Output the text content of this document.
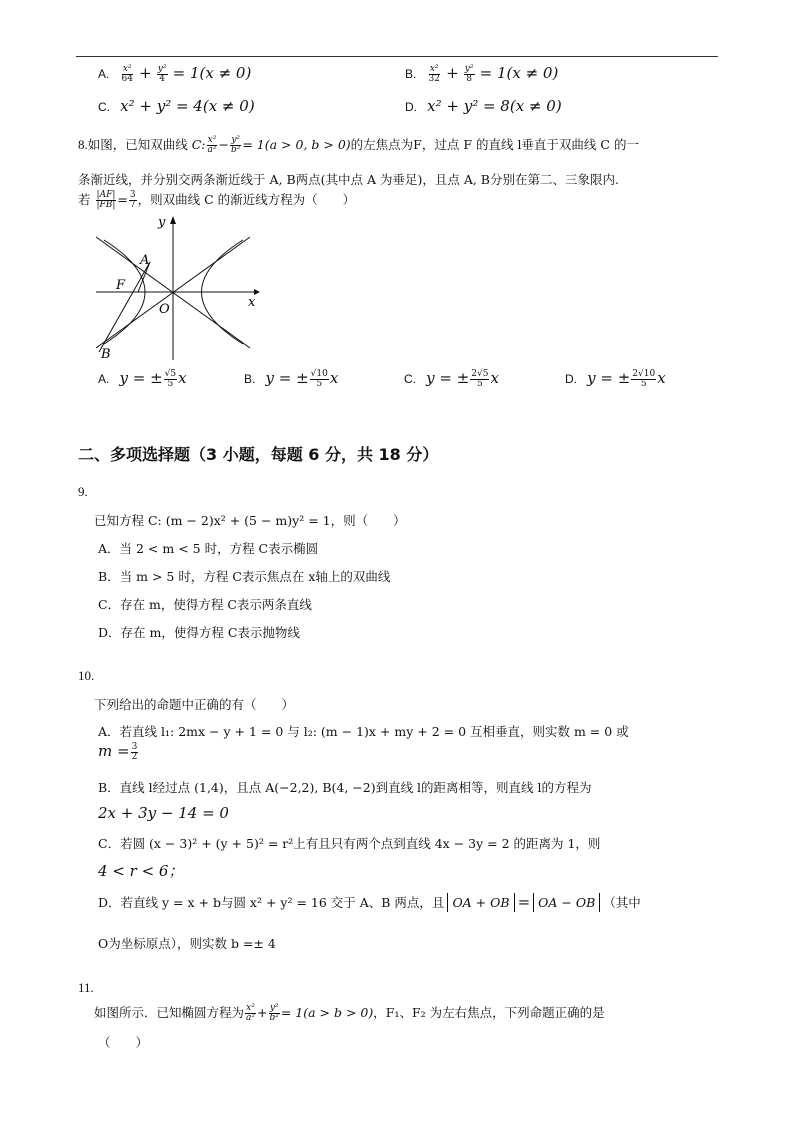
A. $\frac{\text{x²}}{64} + \frac{\text{y²}}{4} = 1(x \ne 0)$	B. $\frac{\text{x²}}{32} + \frac{\text{y²}}{8} = 1(x \ne 0)$
C. x² + y² = 4(x ≠ 0)	D. x² + y² = 8(x ≠ 0)
8.如图，已知双曲线 C: $\frac{\text{x²}}{\text{a²}} - \frac{\text{y²}}{\text{b²}} = 1(a > 0$, b > 0)的左焦点为F，过点 F 的直线 l垂直于双曲线 C 的一
条渐近线，并分别交两条渐近线于 A, B两点(其中点 A 为垂足)，且点 A, B分别在第二、三象限内.
若 $\frac{|AF|}{|FB|} = \frac{3}{7}$ ，则双曲线 C 的渐近线方程为（　　）
y
x
A
F
O
B
A. y = ± $\frac{√5}{5}$ x	B. y = ± $\frac{√10}{5}$ x	C. y = ± $\frac{2√5}{5}$ x	D. y = ± $\frac{2√10}{5}$ x
二、多项选择题（3 小题，每题 6 分，共 18 分）
9.
已知方程 C: (m − 2)x² + (5 − m)y² = 1，则（　　）
A．当 2 < m < 5 时，方程 C表示椭圆
B．当 m > 5 时，方程 C表示焦点在 x轴上的双曲线
C．存在 m，使得方程 C表示两条直线
D．存在 m，使得方程 C表示抛物线
10.
下列给出的命题中正确的有（　　）
A．若直线 l₁: 2mx − y + 1 = 0 与 l₂: (m − 1)x + my + 2 = 0 互相垂直，则实数 m = 0 或
$m = \frac{3}{2}$
B．直线 l经过点 (1,4)，且点 A(−2,2), B(4, −2)到直线 l的距离相等，则直线 l的方程为
2x + 3y − 14 = 0
C．若圆 (x − 3)² + (y + 5)² = r²上有且只有两个点到直线 4x − 3y = 2 的距离为 1，则
4 < r < 6；
D．若直线 y = x + b与圆 x² + y² = 16 交于 A、B 两点，且 OA + OB = OA − OB （其中
O为坐标原点），则实数 b =± 4
11.
如图所示．已知椭圆方程为 $\frac{\text{x²}}{\text{a²}} + \frac{\text{y²}}{\text{b²}} = 1(a > b > 0)$，F₁、F₂ 为左右焦点，下列命题正确的是
（　　）
